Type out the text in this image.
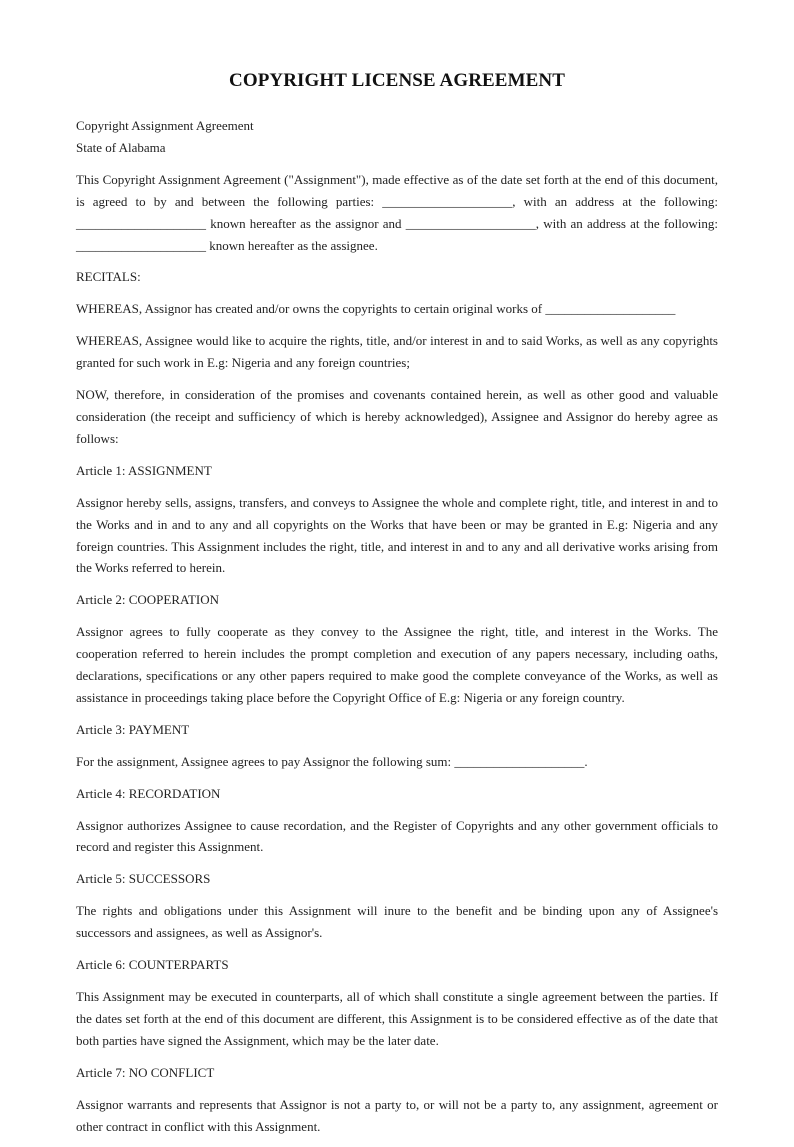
COPYRIGHT LICENSE AGREEMENT

Copyright Assignment Agreement

State of Alabama

This Copyright Assignment Agreement ("Assignment"), made effective as of the date set forth at the end of this document, is agreed to by and between the following parties: ____________________, with an address at the following: ____________________ known hereafter as the assignor and ____________________, with an address at the following: ____________________ known hereafter as the assignee.

RECITALS:

WHEREAS, Assignor has created and/or owns the copyrights to certain original works of ____________________

WHEREAS, Assignee would like to acquire the rights, title, and/or interest in and to said Works, as well as any copyrights granted for such work in E.g: Nigeria and any foreign countries;

NOW, therefore, in consideration of the promises and covenants contained herein, as well as other good and valuable consideration (the receipt and sufficiency of which is hereby acknowledged), Assignee and Assignor do hereby agree as follows:

Article 1: ASSIGNMENT

Assignor hereby sells, assigns, transfers, and conveys to Assignee the whole and complete right, title, and interest in and to the Works and in and to any and all copyrights on the Works that have been or may be granted in E.g: Nigeria and any foreign countries. This Assignment includes the right, title, and interest in and to any and all derivative works arising from the Works referred to herein.

Article 2: COOPERATION

Assignor agrees to fully cooperate as they convey to the Assignee the right, title, and interest in the Works. The cooperation referred to herein includes the prompt completion and execution of any papers necessary, including oaths, declarations, specifications or any other papers required to make good the complete conveyance of the Works, as well as assistance in proceedings taking place before the Copyright Office of E.g: Nigeria or any foreign country.

Article 3: PAYMENT

For the assignment, Assignee agrees to pay Assignor the following sum: ____________________.

Article 4: RECORDATION

Assignor authorizes Assignee to cause recordation, and the Register of Copyrights and any other government officials to record and register this Assignment.

Article 5: SUCCESSORS

The rights and obligations under this Assignment will inure to the benefit and be binding upon any of Assignee's successors and assignees, as well as Assignor's.

Article 6: COUNTERPARTS

This Assignment may be executed in counterparts, all of which shall constitute a single agreement between the parties. If the dates set forth at the end of this document are different, this Assignment is to be considered effective as of the date that both parties have signed the Assignment, which may be the later date.

Article 7: NO CONFLICT

Assignor warrants and represents that Assignor is not a party to, or will not be a party to, any assignment, agreement or other contract in conflict with this Assignment.
